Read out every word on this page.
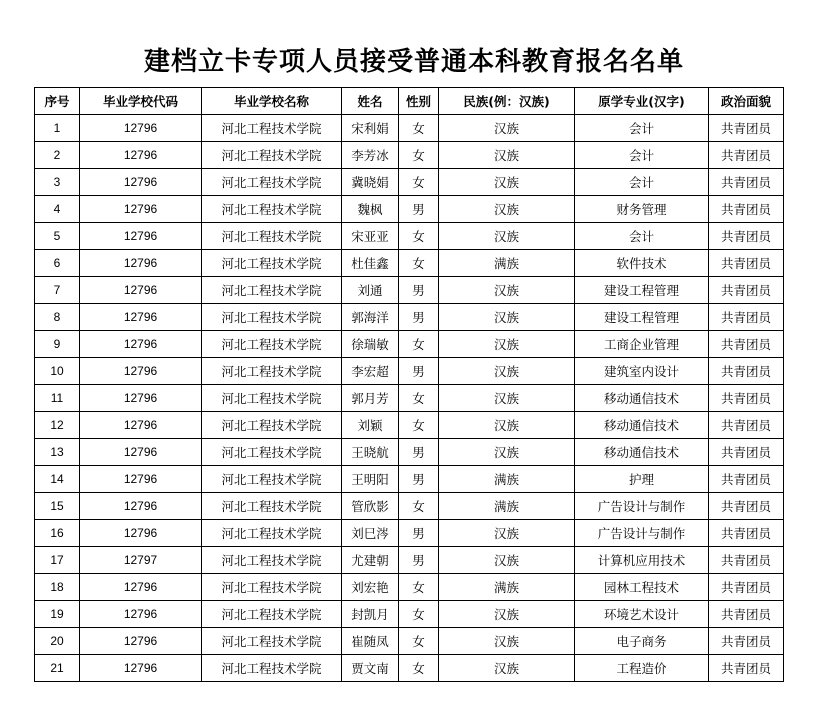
建档立卡专项人员接受普通本科教育报名名单
序号	毕业学校代码	毕业学校名称	姓名	性别	民族(例：汉族)	原学专业(汉字)	政治面貌
1	12796	河北工程技术学院	宋利娟	女	汉族	会计	共青团员
2	12796	河北工程技术学院	李芳冰	女	汉族	会计	共青团员
3	12796	河北工程技术学院	冀晓娟	女	汉族	会计	共青团员
4	12796	河北工程技术学院	魏枫	男	汉族	财务管理	共青团员
5	12796	河北工程技术学院	宋亚亚	女	汉族	会计	共青团员
6	12796	河北工程技术学院	杜佳鑫	女	满族	软件技术	共青团员
7	12796	河北工程技术学院	刘通	男	汉族	建设工程管理	共青团员
8	12796	河北工程技术学院	郭海洋	男	汉族	建设工程管理	共青团员
9	12796	河北工程技术学院	徐瑞敏	女	汉族	工商企业管理	共青团员
10	12796	河北工程技术学院	李宏超	男	汉族	建筑室内设计	共青团员
11	12796	河北工程技术学院	郭月芳	女	汉族	移动通信技术	共青团员
12	12796	河北工程技术学院	刘颖	女	汉族	移动通信技术	共青团员
13	12796	河北工程技术学院	王晓航	男	汉族	移动通信技术	共青团员
14	12796	河北工程技术学院	王明阳	男	满族	护理	共青团员
15	12796	河北工程技术学院	管欣影	女	满族	广告设计与制作	共青团员
16	12796	河北工程技术学院	刘巳涔	男	汉族	广告设计与制作	共青团员
17	12797	河北工程技术学院	尤建朝	男	汉族	计算机应用技术	共青团员
18	12796	河北工程技术学院	刘宏艳	女	满族	园林工程技术	共青团员
19	12796	河北工程技术学院	封凯月	女	汉族	环境艺术设计	共青团员
20	12796	河北工程技术学院	崔随凤	女	汉族	电子商务	共青团员
21	12796	河北工程技术学院	贾文南	女	汉族	工程造价	共青团员
